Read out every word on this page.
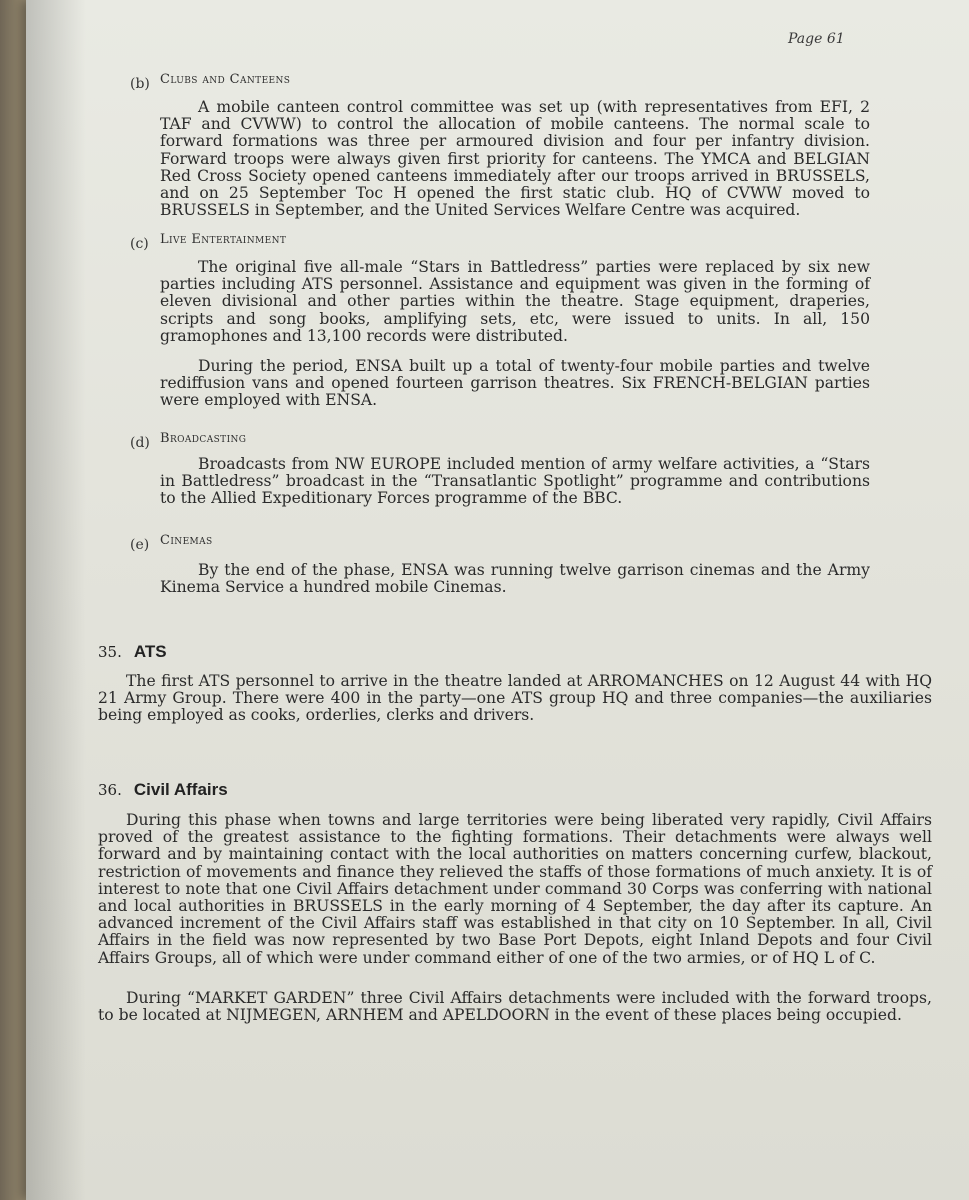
Page 61
(b) Clubs and Canteens

A mobile canteen control committee was set up (with representatives from EFI, 2 TAF and CVWW) to control the allocation of mobile canteens. The normal scale to forward formations was three per armoured division and four per infantry division. Forward troops were always given first priority for canteens. The YMCA and BELGIAN Red Cross Society opened canteens immediately after our troops arrived in BRUSSELS, and on 25 September Toc H opened the first static club. HQ of CVWW moved to BRUSSELS in September, and the United Services Welfare Centre was acquired.

(c) Live Entertainment

The original five all-male “Stars in Battledress” parties were replaced by six new parties including ATS personnel. Assistance and equipment was given in the forming of eleven divisional and other parties within the theatre. Stage equipment, draperies, scripts and song books, amplifying sets, etc, were issued to units. In all, 150 gramophones and 13,100 records were distributed.

During the period, ENSA built up a total of twenty-four mobile parties and twelve rediffusion vans and opened fourteen garrison theatres. Six FRENCH-BELGIAN parties were employed with ENSA.

(d) Broadcasting

Broadcasts from NW EUROPE included mention of army welfare activities, a “Stars in Battledress” broadcast in the “Transatlantic Spotlight” programme and contributions to the Allied Expeditionary Forces programme of the BBC.

(e) Cinemas

By the end of the phase, ENSA was running twelve garrison cinemas and the Army Kinema Service a hundred mobile Cinemas.

35. ATS

The first ATS personnel to arrive in the theatre landed at ARROMANCHES on 12 August 44 with HQ 21 Army Group. There were 400 in the party—one ATS group HQ and three companies—the auxiliaries being employed as cooks, orderlies, clerks and drivers.

36. Civil Affairs

During this phase when towns and large territories were being liberated very rapidly, Civil Affairs proved of the greatest assistance to the fighting formations. Their detachments were always well forward and by maintaining contact with the local authorities on matters concerning curfew, blackout, restriction of movements and finance they relieved the staffs of those formations of much anxiety. It is of interest to note that one Civil Affairs detachment under command 30 Corps was conferring with national and local authorities in BRUSSELS in the early morning of 4 September, the day after its capture. An advanced increment of the Civil Affairs staff was established in that city on 10 September. In all, Civil Affairs in the field was now represented by two Base Port Depots, eight Inland Depots and four Civil Affairs Groups, all of which were under command either of one of the two armies, or of HQ L of C.

During “MARKET GARDEN” three Civil Affairs detachments were included with the forward troops, to be located at NIJMEGEN, ARNHEM and APELDOORN in the event of these places being occupied.
